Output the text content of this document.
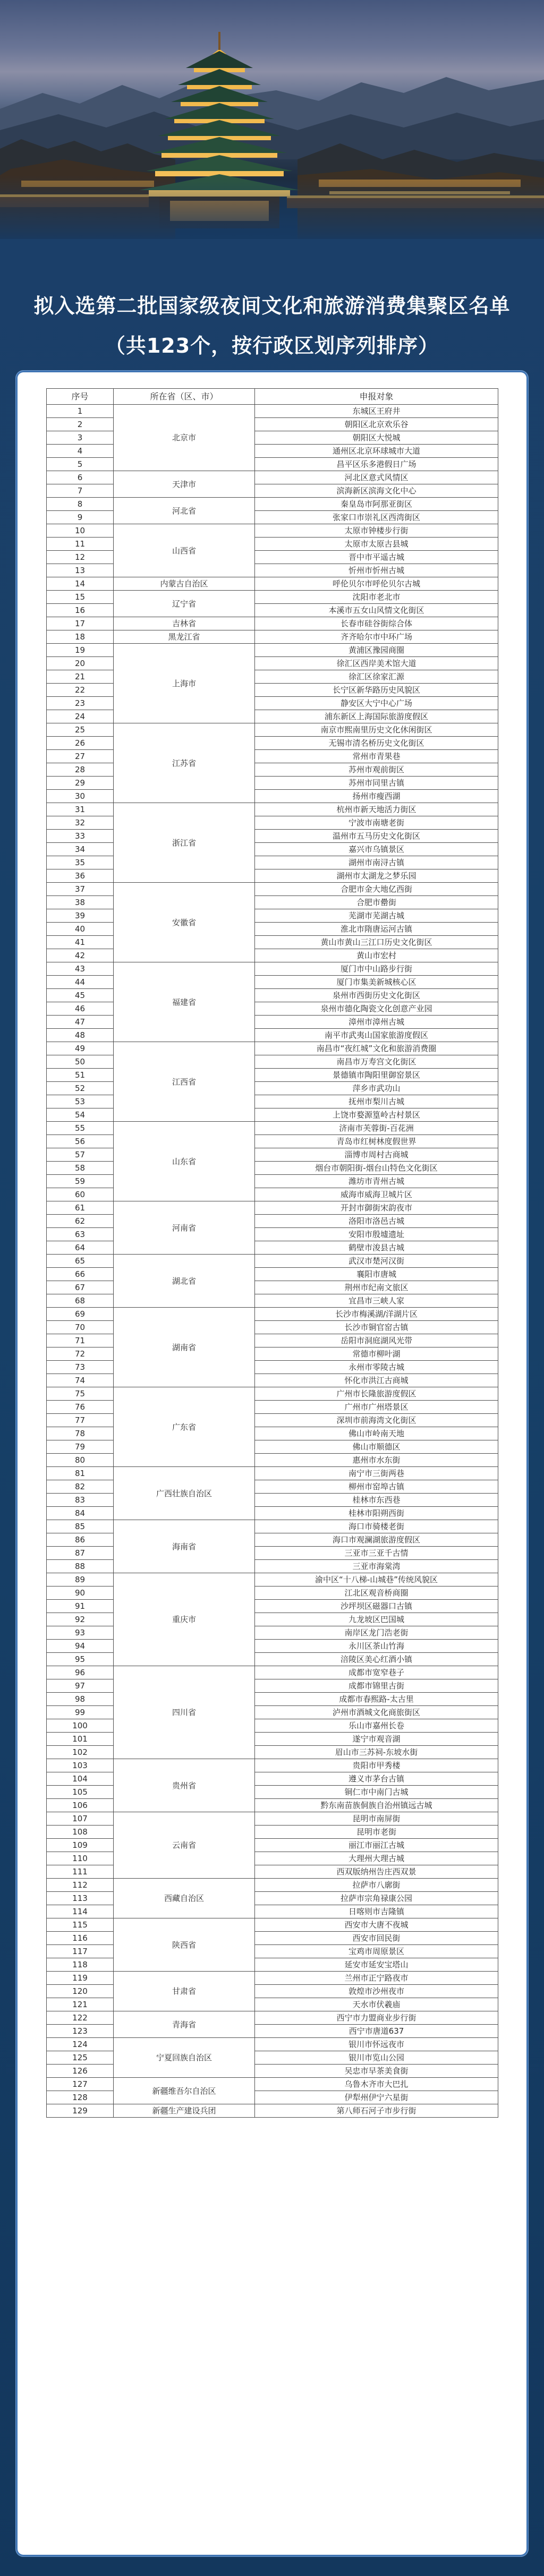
拟入选第二批国家级夜间文化和旅游消费集聚区名单
（共123个，按行政区划序列排序）
序号	所在省（区、市）	申报对象
1	北京市	东城区王府井
2		朝阳区北京欢乐谷
3		朝阳区大悦城
4		通州区北京环球城市大道
5		昌平区乐多港假日广场
6	天津市	河北区意式风情区
7		滨海新区滨海文化中心
8	河北省	秦皇岛市阿那亚街区
9		张家口市崇礼区西湾街区
10	山西省	太原市钟楼步行街
11		太原市太原古县城
12		晋中市平遥古城
13		忻州市忻州古城
14	内蒙古自治区	呼伦贝尔市呼伦贝尔古城
15	辽宁省	沈阳市老北市
16		本溪市五女山风情文化街区
17	吉林省	长春市硅谷街综合体
18	黑龙江省	齐齐哈尔市中环广场
19	上海市	黄浦区豫园商圈
20		徐汇区西岸美术馆大道
21		徐汇区徐家汇源
22		长宁区新华路历史风貌区
23		静安区大宁中心广场
24		浦东新区上海国际旅游度假区
25	江苏省	南京市熙南里历史文化休闲街区
26		无锡市清名桥历史文化街区
27		常州市青果巷
28		苏州市观前街区
29		苏州市同里古镇
30		扬州市瘦西湖
31	浙江省	杭州市新天地活力街区
32		宁波市南塘老街
33		温州市五马历史文化街区
34		嘉兴市乌镇景区
35		湖州市南浔古镇
36		湖州市太湖龙之梦乐园
37	安徽省	合肥市金大地亿西街
38		合肥市罍街
39		芜湖市芜湖古城
40		淮北市隋唐运河古镇
41		黄山市黄山三江口历史文化街区
42		黄山市宏村
43	福建省	厦门市中山路步行街
44		厦门市集美新城核心区
45		泉州市西街历史文化街区
46		泉州市德化陶瓷文化创意产业园
47		漳州市漳州古城
48		南平市武夷山国家旅游度假区
49	江西省	南昌市“夜红城”文化和旅游消费圈
50		南昌市万寿宫文化街区
51		景德镇市陶阳里御窑景区
52		萍乡市武功山
53		抚州市梨川古城
54		上饶市婺源篁岭古村景区
55	山东省	济南市芙蓉街-百花洲
56		青岛市红树林度假世界
57		淄博市周村古商城
58		烟台市朝阳街-烟台山特色文化街区
59		潍坊市青州古城
60		威海市威海卫城片区
61	河南省	开封市御街宋韵夜市
62		洛阳市洛邑古城
63		安阳市殷墟遗址
64		鹤壁市浚县古城
65	湖北省	武汉市楚河汉街
66		襄阳市唐城
67		荆州市纪南文旅区
68		宜昌市三峡人家
69	湖南省	长沙市梅溪湖/洋湖片区
70		长沙市铜官窑古镇
71		岳阳市洞庭湖风光带
72		常德市柳叶湖
73		永州市零陵古城
74		怀化市洪江古商城
75	广东省	广州市长隆旅游度假区
76		广州市广州塔景区
77		深圳市前海湾文化街区
78		佛山市岭南天地
79		佛山市顺德区
80		惠州市水东街
81	广西壮族自治区	南宁市三街两巷
82		柳州市窑埠古镇
83		桂林市东西巷
84		桂林市阳朔西街
85	海南省	海口市骑楼老街
86		海口市观澜湖旅游度假区
87		三亚市三亚千古情
88		三亚市海棠湾
89	重庆市	渝中区“十八梯-山城巷”传统风貌区
90		江北区观音桥商圈
91		沙坪坝区磁器口古镇
92		九龙坡区巴国城
93		南岸区龙门浩老街
94		永川区茶山竹海
95		涪陵区美心红酒小镇
96	四川省	成都市宽窄巷子
97		成都市锦里古街
98		成都市春熙路-太古里
99		泸州市酒城文化商旅街区
100		乐山市嘉州长卷
101		遂宁市观音湖
102		眉山市三苏祠-东坡水街
103	贵州省	贵阳市甲秀楼
104		遵义市茅台古镇
105		铜仁市中南门古城
106		黔东南苗族侗族自治州镇远古城
107	云南省	昆明市南屏街
108		昆明市老街
109		丽江市丽江古城
110		大理州大理古城
111		西双版纳州告庄西双景
112	西藏自治区	拉萨市八廓街
113		拉萨市宗角禄康公园
114		日喀则市吉隆镇
115	陕西省	西安市大唐不夜城
116		西安市回民街
117		宝鸡市周原景区
118		延安市延安宝塔山
119	甘肃省	兰州市正宁路夜市
120		敦煌市沙州夜市
121		天水市伏羲庙
122	青海省	西宁市力盟商业步行街
123		西宁市唐道637
124	宁夏回族自治区	银川市怀远夜市
125		银川市览山公园
126		吴忠市早茶美食街
127	新疆维吾尔自治区	乌鲁木齐市大巴扎
128		伊犁州伊宁六星街
129	新疆生产建设兵团	第八师石河子市步行街
